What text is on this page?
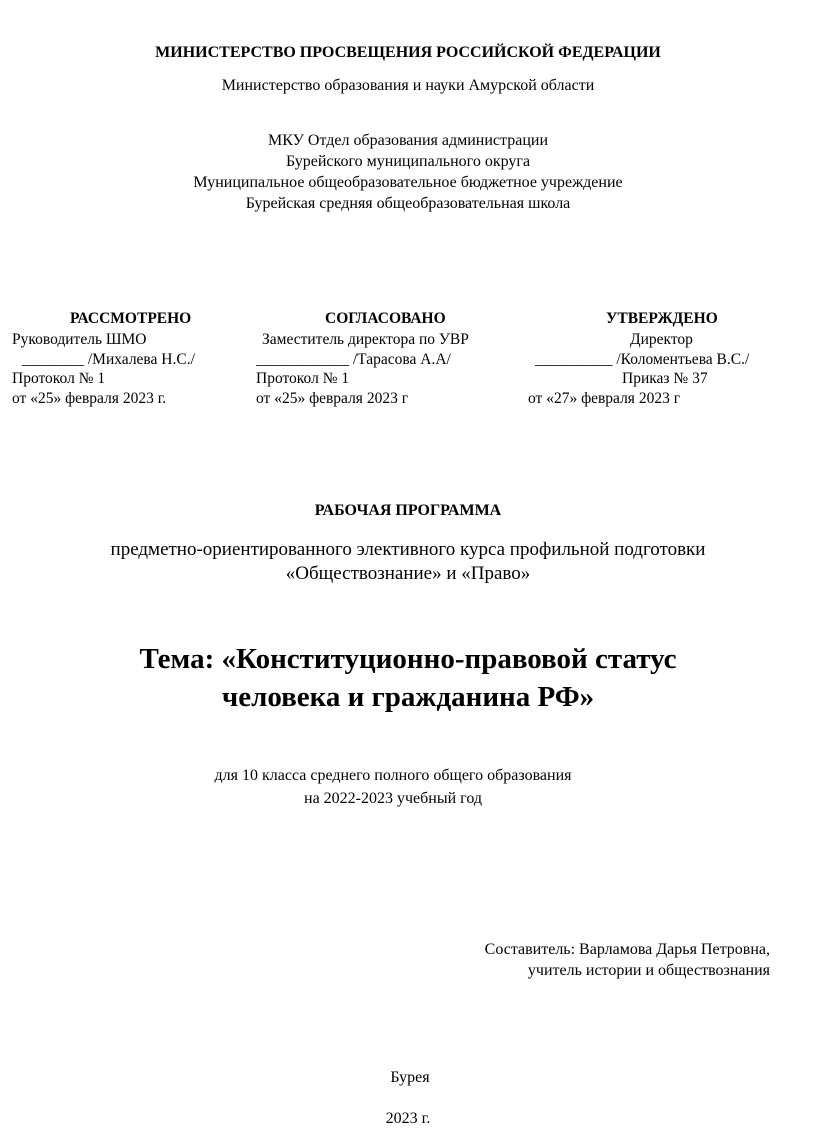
МИНИСТЕРСТВО ПРОСВЕЩЕНИЯ РОССИЙСКОЙ ФЕДЕРАЦИИ
Министерство образования и науки Амурской области
МКУ Отдел образования администрации
Бурейского муниципального округа
Муниципальное общеобразовательное бюджетное учреждение
Бурейская средняя общеобразовательная школа
РАССМОТРЕНО
Руководитель ШМО
________ /Михалева Н.С./
Протокол № 1
от «25» февраля 2023 г.
СОГЛАСОВАНО
Заместитель директора по УВР
____________ /Тарасова А.А/
Протокол № 1
от «25» февраля 2023 г
УТВЕРЖДЕНО
Директор
__________ /Коломентьева В.С./
Приказ № 37
от «27» февраля 2023 г
РАБОЧАЯ ПРОГРАММА
предметно-ориентированного элективного курса профильной подготовки
«Обществознание» и «Право»
Тема: «Конституционно-правовой статус
человека и гражданина РФ»
для 10 класса среднего полного общего образования
на 2022-2023 учебный год
Составитель: Варламова Дарья Петровна,
учитель истории и обществознания
Бурея
2023 г.
